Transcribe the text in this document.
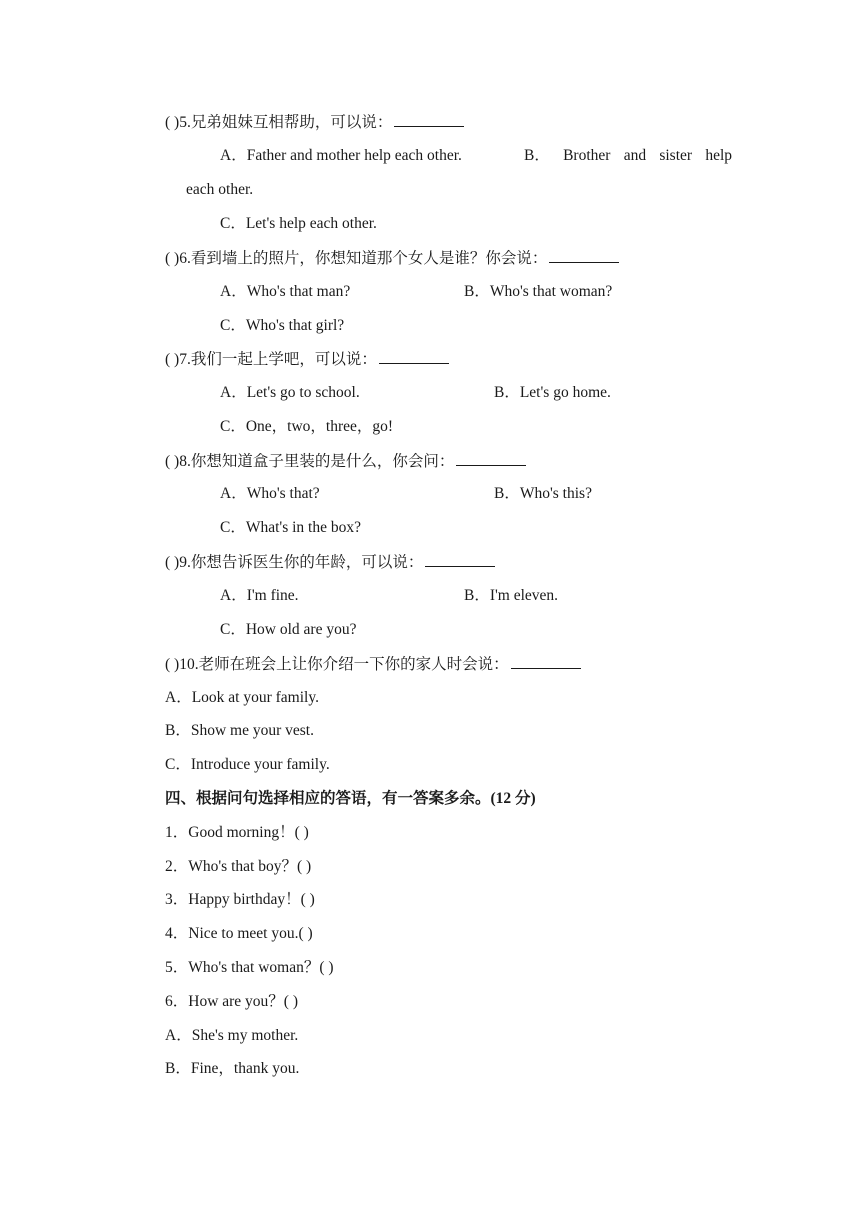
( )5.兄弟姐妹互相帮助，可以说：
A．Father and mother help each other.	B． Brother and sister help
each other.
C．Let's help each other.
( )6.看到墙上的照片，你想知道那个女人是谁？你会说：
A．Who's that man?	B．Who's that woman?
C．Who's that girl?
( )7.我们一起上学吧，可以说：
A．Let's go to school.	B．Let's go home.
C．One，two，three，go!
( )8.你想知道盒子里装的是什么，你会问：
A．Who's that?	B．Who's this?
C．What's in the box?
( )9.你想告诉医生你的年龄，可以说：
A．I'm fine.	B．I'm eleven.
C．How old are you?
( )10.老师在班会上让你介绍一下你的家人时会说：
A．Look at your family.
B．Show me your vest.
C．Introduce your family.
四、根据问句选择相应的答语，有一答案多余。(12 分)
1．Good morning！( )
2．Who's that boy？( )
3．Happy birthday！( )
4．Nice to meet you.( )
5．Who's that woman？( )
6．How are you？( )
A．She's my mother.
B．Fine，thank you.
